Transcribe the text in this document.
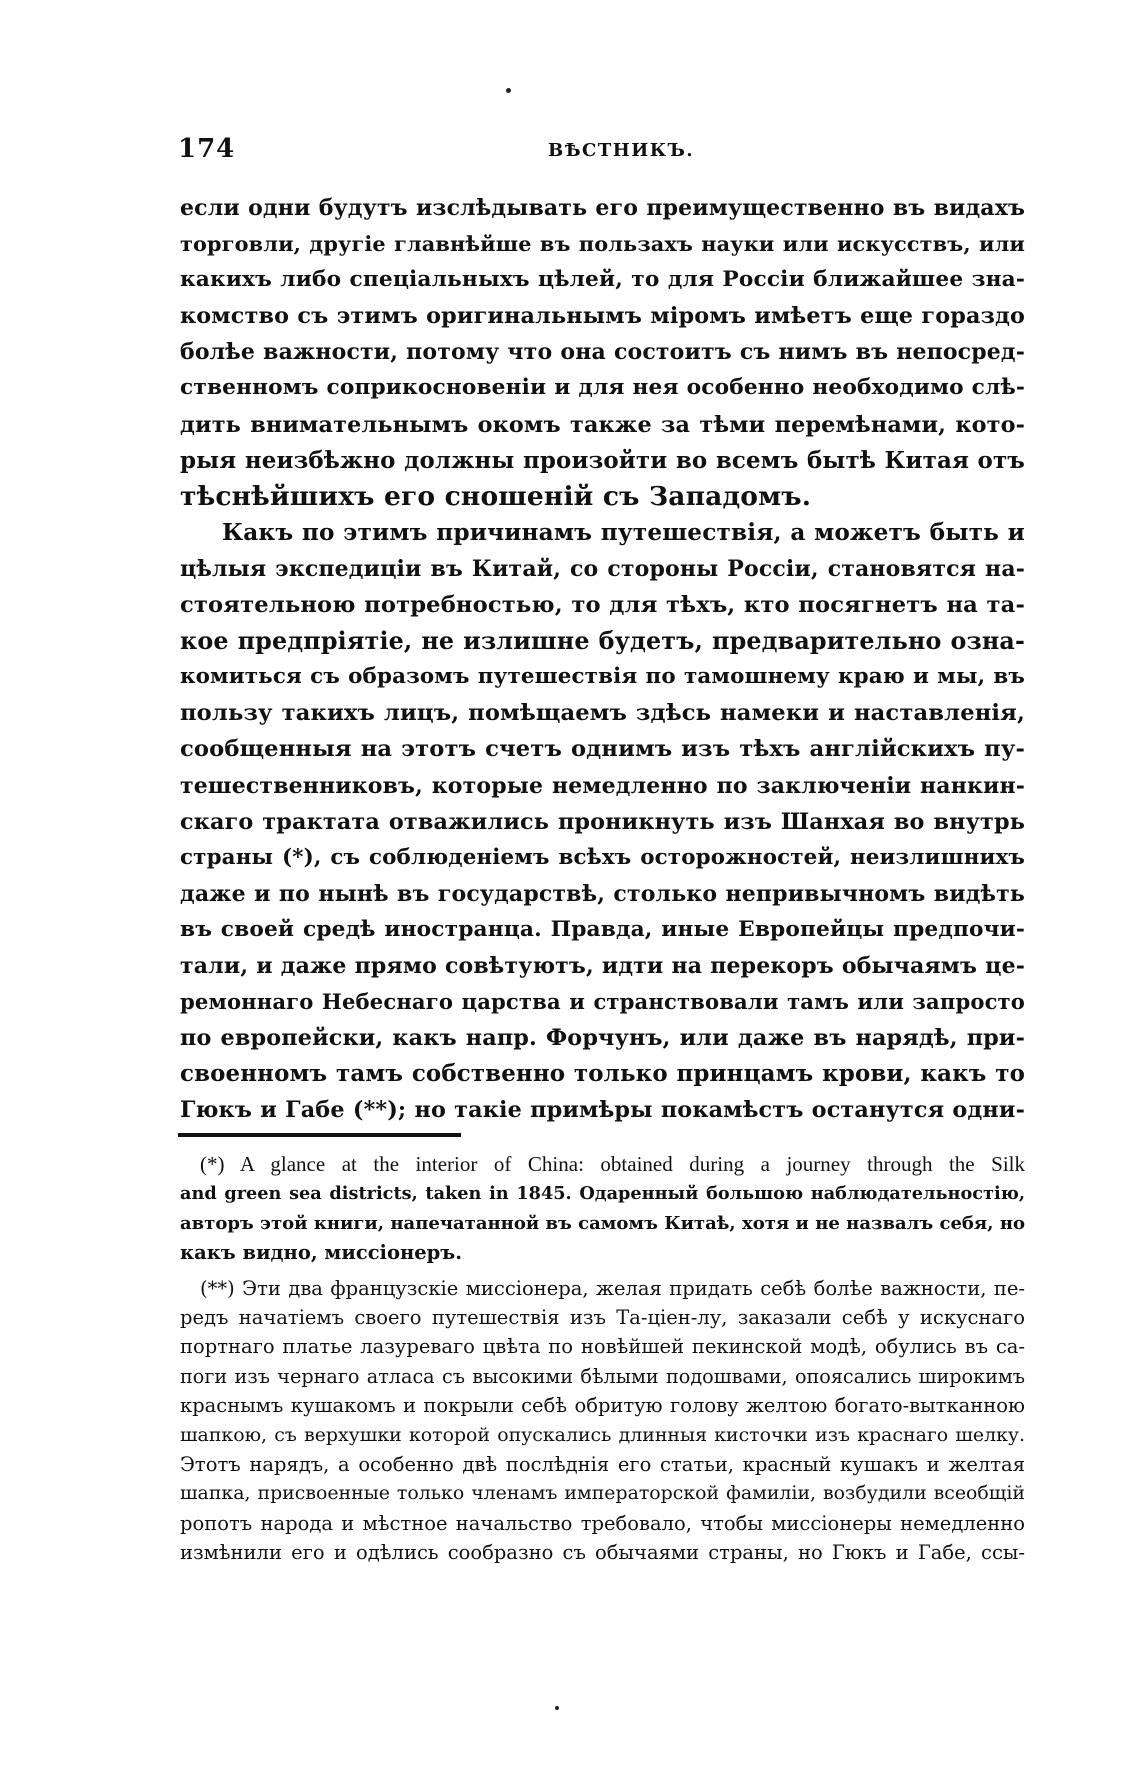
174	ВѢСТНИКЪ.
если одни будутъ изслѣдывать его преимущественно въ видахъ
торговли, другіе главнѣйше въ пользахъ науки или искусствъ, или
какихъ либо спеціальныхъ цѣлей, то для Россіи ближайшее зна-
комство съ этимъ оригинальнымъ міромъ имѣетъ еще гораздо
болѣе важности, потому что она состоитъ съ нимъ въ непосред-
ственномъ соприкосновеніи и для нея особенно необходимо слѣ-
дить внимательнымъ окомъ также за тѣми перемѣнами, кото-
рыя неизбѣжно должны произойти во всемъ бытѣ Китая отъ
тѣснѣйшихъ его сношеній съ Западомъ.
Какъ по этимъ причинамъ путешествія, а можетъ быть и
цѣлыя экспедиціи въ Китай, со стороны Россіи, становятся на-
стоятельною потребностью, то для тѣхъ, кто посягнетъ на та-
кое предпріятіе, не излишне будетъ, предварительно озна-
комиться съ образомъ путешествія по тамошнему краю и мы, въ
пользу такихъ лицъ, помѣщаемъ здѣсь намеки и наставленія,
сообщенныя на этотъ счетъ однимъ изъ тѣхъ англійскихъ пу-
тешественниковъ, которые немедленно по заключеніи нанкин-
скаго трактата отважились проникнуть изъ Шанхая во внутрь
страны (*), съ соблюденіемъ всѣхъ осторожностей, неизлишнихъ
даже и по нынѣ въ государствѣ, столько непривычномъ видѣть
въ своей средѣ иностранца. Правда, иные Европейцы предпочи-
тали, и даже прямо совѣтуютъ, идти на перекоръ обычаямъ це-
ремоннаго Небеснаго царства и странствовали тамъ или запросто
по европейски, какъ напр. Форчунъ, или даже въ нарядѣ, при-
своенномъ тамъ собственно только принцамъ крови, какъ то
Гюкъ и Габе (**); но такіе примѣры покамѣстъ останутся одни-
(*) A glance at the interior of China: obtained during a journey through the Silk
and green sea districts, taken in 1845. Одаренный большою наблюдательностію,
авторъ этой книги, напечатанной въ самомъ Китаѣ, хотя и не назвалъ себя, но
какъ видно, миссіонеръ.
(**) Эти два французскіе миссіонера, желая придать себѣ болѣе важности, пе-
редъ начатіемъ своего путешествія изъ Та-ціен-лу, заказали себѣ у искуснаго
портнаго платье лазуреваго цвѣта по новѣйшей пекинской модѣ, обулись въ са-
поги изъ чернаго атласа съ высокими бѣлыми подошвами, опоясались широкимъ
краснымъ кушакомъ и покрыли себѣ обритую голову желтою богато-вытканною
шапкою, съ верхушки которой опускались длинныя кисточки изъ краснаго шелку.
Этотъ нарядъ, а особенно двѣ послѣднія его статьи, красный кушакъ и желтая
шапка, присвоенные только членамъ императорской фамиліи, возбудили всеобщій
ропотъ народа и мѣстное начальство требовало, чтобы миссіонеры немедленно
измѣнили его и одѣлись сообразно съ обычаями страны, но Гюкъ и Габе, ссы-
